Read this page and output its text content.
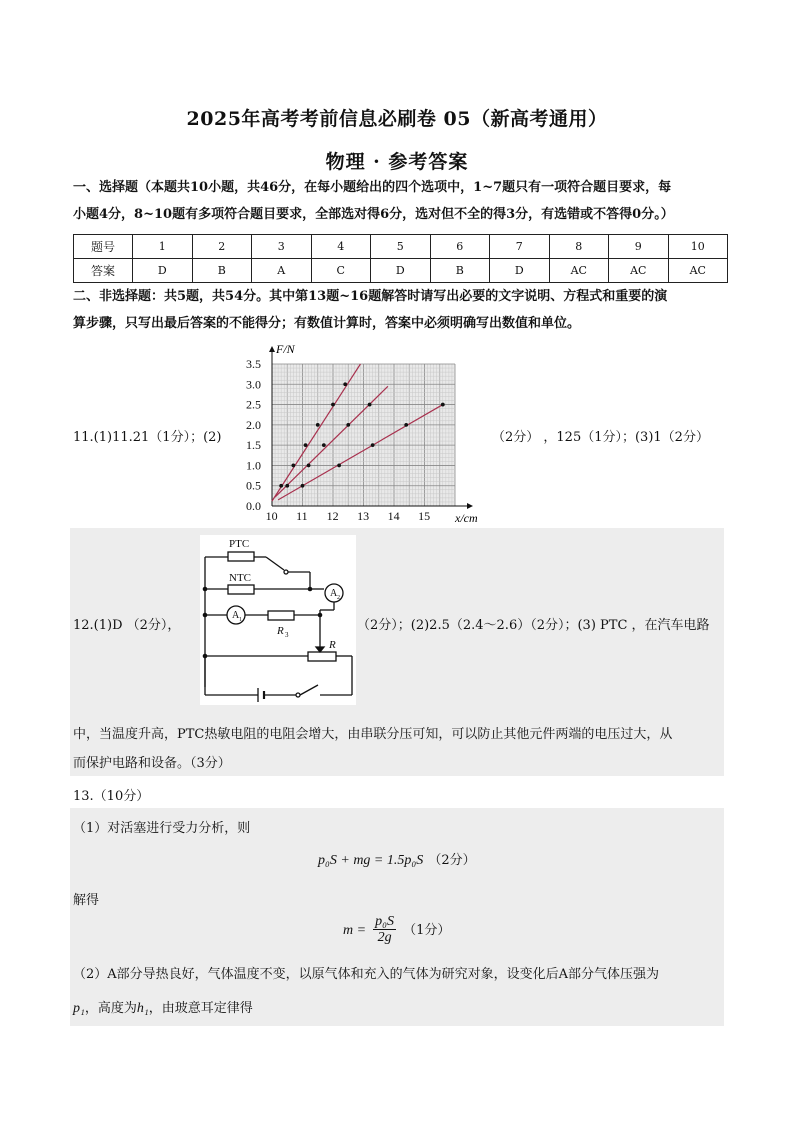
2025年高考考前信息必刷卷 05（新高考通用）
物理 · 参考答案
一、选择题（本题共10小题，共46分，在每小题给出的四个选项中，1~7题只有一项符合题目要求，每
小题4分，8~10题有多项符合题目要求，全部选对得6分，选对但不全的得3分，有选错或不答得0分。）
题号	1	2	3	4	5	6	7	8	9	10
答案	D	B	A	C	D	B	D	AC	AC	AC
二、非选择题：共5题，共54分。其中第13题~16题解答时请写出必要的文字说明、方程式和重要的演
算步骤，只写出最后答案的不能得分；有数值计算时，答案中必须明确写出数值和单位。
11.(1)11.21（1分）；(2)	（2分） ，125（1分）；(3)1（2分）
10 11 12 13 14 15
0.0
0.5
1.0
1.5
2.0
2.5
3.0
3.5
F/N
x/cm
12.(1)D （2分），
PTC
NTC
A 2
A 1
R 3
R
（2分）；(2)2.5（2.4～2.6）（2分）；(3) PTC ，在汽车电路
中，当温度升高，PTC热敏电阻的电阻会增大，由串联分压可知，可以防止其他元件两端的电压过大，从
而保护电路和设备。（3分）
13.（10分）
（1）对活塞进行受力分析，则
p₀S + mg = 1.5p₀S （2分）
解得
$m = \frac{\text{p₀S}}{2g} (1$分）
（2）A部分导热良好，气体温度不变，以原气体和充入的气体为研究对象，设变化后A部分气体压强为
p₁，高度为h₁，由玻意耳定律得
